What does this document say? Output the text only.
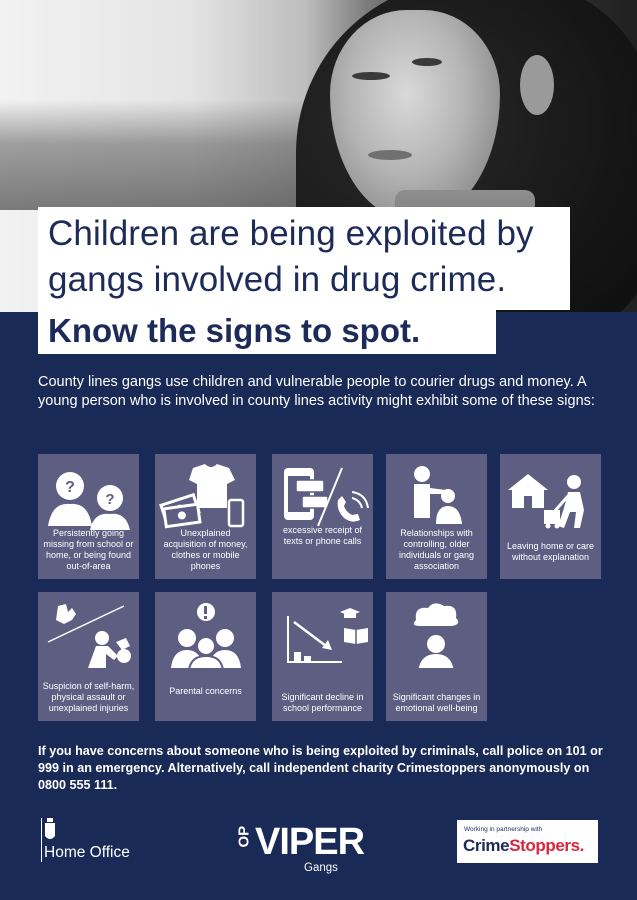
Children are being exploited by
gangs involved in drug crime.
Know the signs to spot.
County lines gangs use children and vulnerable people to courier drugs and money. A young person who is involved in county lines activity might exhibit some of these signs:
?
?
Persistently going missing from school or home, or being found out-of-area
Unexplained acquisition of money, clothes or mobile phones
excessive receipt of texts or phone calls
Relationships with controlling, older individuals or gang association
Leaving home or care without explanation
Suspicion of self-harm, physical assault or unexplained injuries
Parental concerns
Significant decline in school performance
Significant changes in emotional well-being
If you have concerns about someone who is being exploited by criminals, call police on 101 or 999 in an emergency. Alternatively, call independent charity Crimestoppers anonymously on 0800 555 111.
Home Office
OP VIPER
Gangs
Working in partnership with
CrimeStoppers.
